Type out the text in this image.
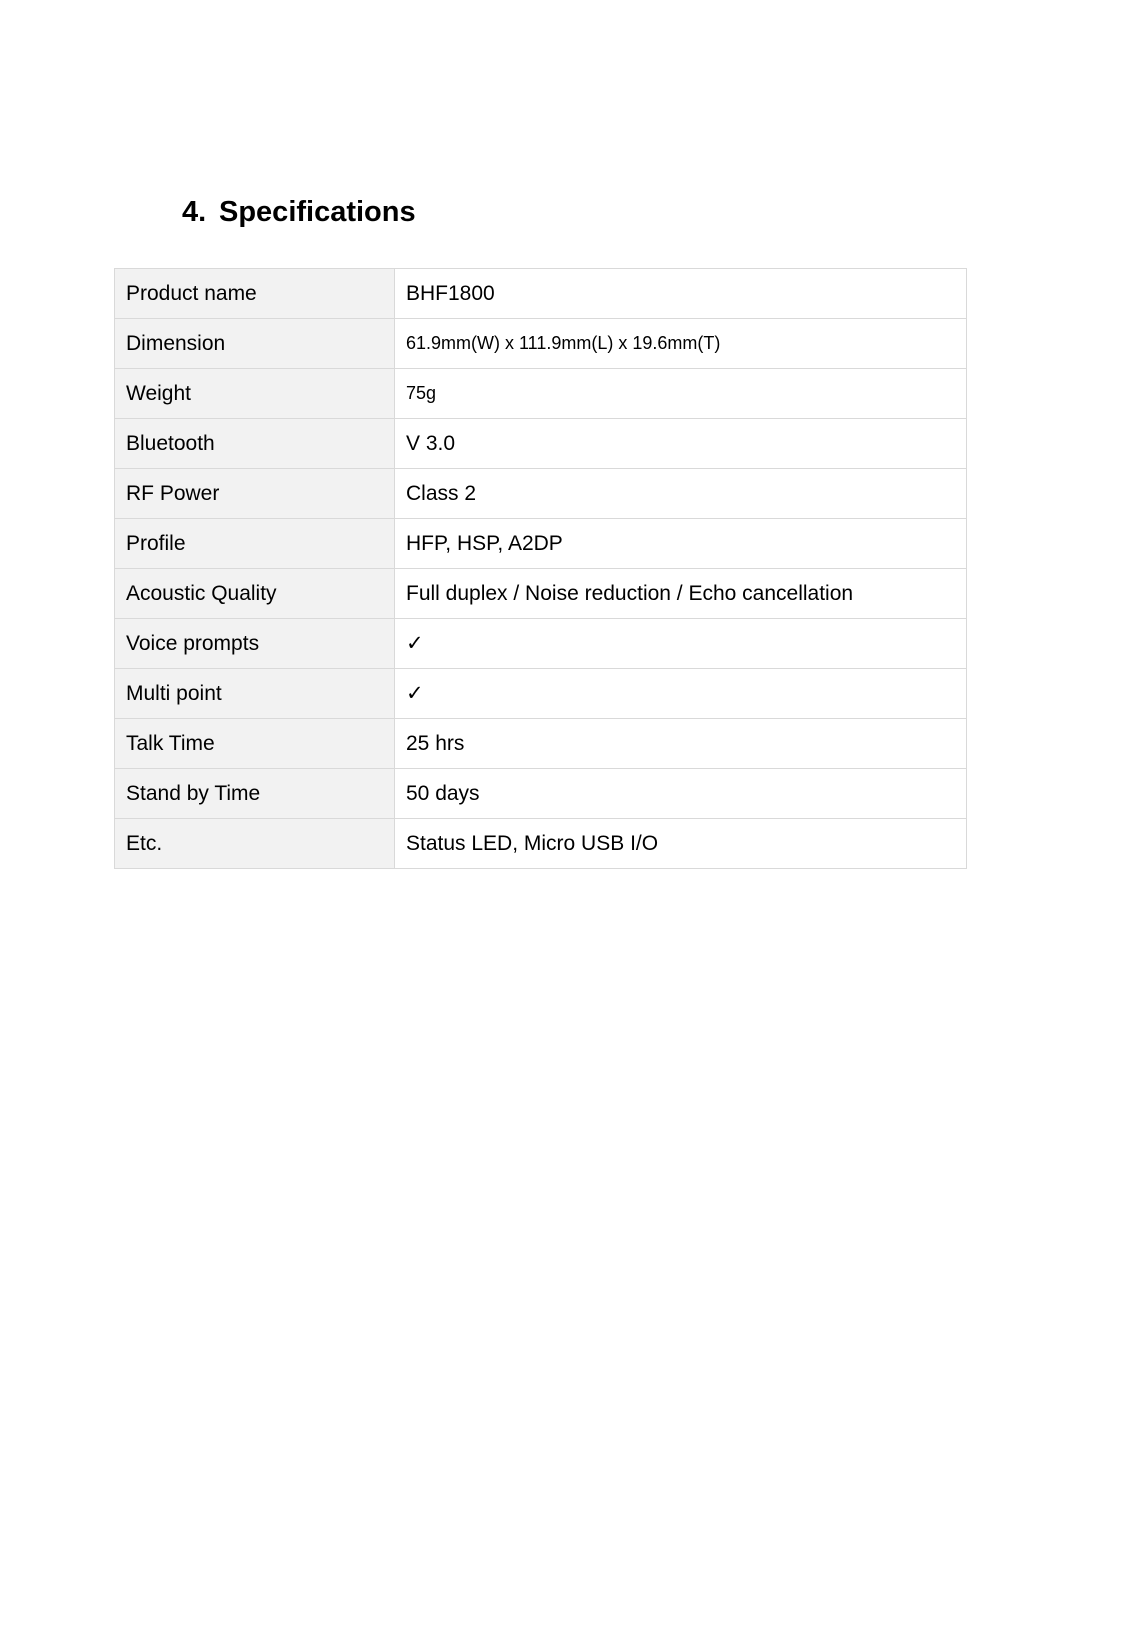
4. Specifications
Product name	BHF1800
Dimension	61.9mm(W) x 111.9mm(L) x 19.6mm(T)
Weight	75g
Bluetooth	V 3.0
RF Power	Class 2
Profile	HFP, HSP, A2DP
Acoustic Quality	Full duplex / Noise reduction / Echo cancellation
Voice prompts	✓
Multi point	✓
Talk Time	25 hrs
Stand by Time	50 days
Etc.	Status LED, Micro USB I/O
